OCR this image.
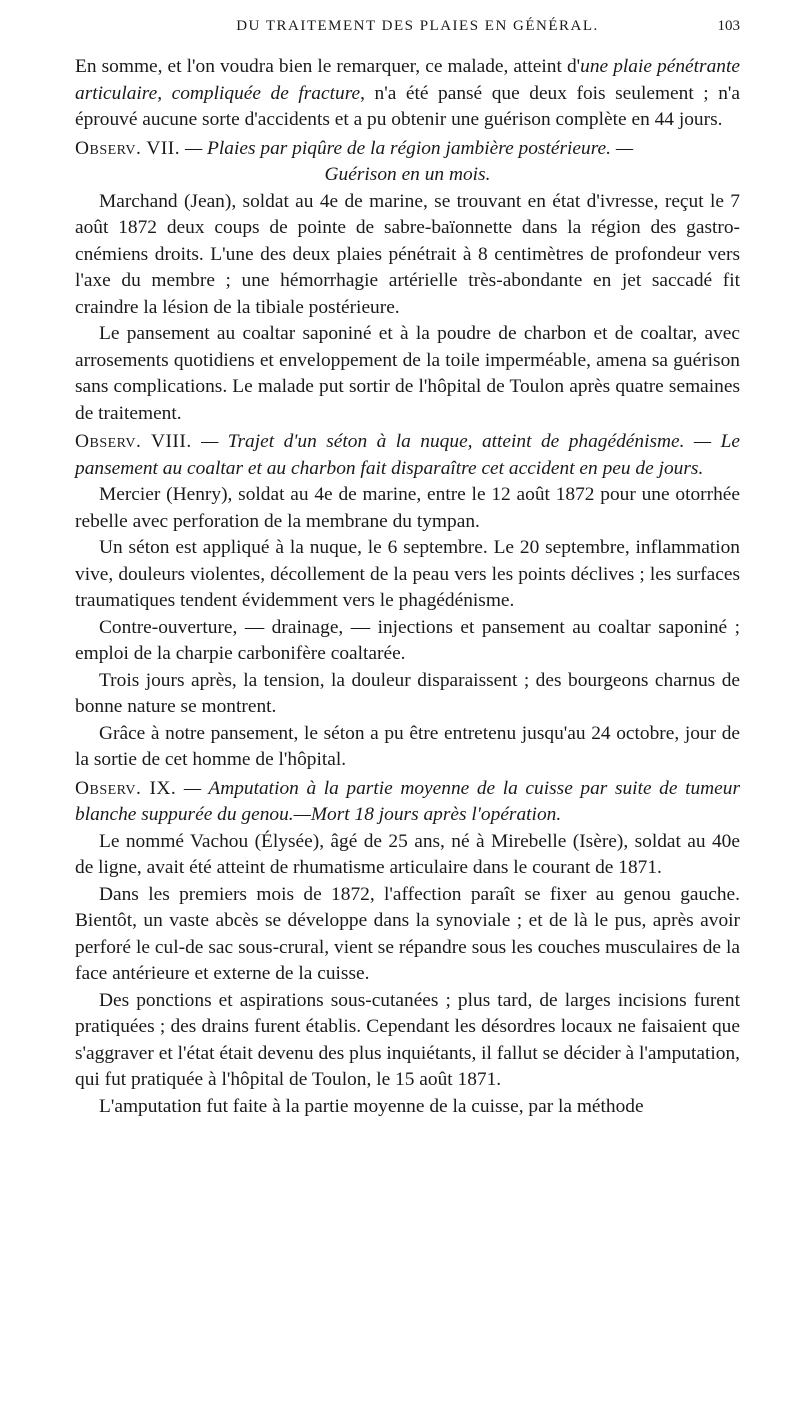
DU TRAITEMENT DES PLAIES EN GÉNÉRAL.	103

En somme, et l'on voudra bien le remarquer, ce malade, atteint d'une plaie pénétrante articulaire, compliquée de fracture, n'a été pansé que deux fois seulement ; n'a éprouvé aucune sorte d'accidents et a pu obtenir une guérison complète en 44 jours.

Observ. VII. — Plaies par piqûre de la région jambière postérieure. —
Guérison en un mois.

Marchand (Jean), soldat au 4e de marine, se trouvant en état d'ivresse, reçut le 7 août 1872 deux coups de pointe de sabre-baïonnette dans la région des gastro-cnémiens droits. L'une des deux plaies pénétrait à 8 centimètres de profondeur vers l'axe du membre ; une hémorrhagie artérielle très-abondante en jet saccadé fit craindre la lésion de la tibiale postérieure.

Le pansement au coaltar saponiné et à la poudre de charbon et de coaltar, avec arrosements quotidiens et enveloppement de la toile imperméable, amena sa guérison sans complications. Le malade put sortir de l'hôpital de Toulon après quatre semaines de traitement.

Observ. VIII. — Trajet d'un séton à la nuque, atteint de phagédénisme. — Le pansement au coaltar et au charbon fait disparaître cet accident en peu de jours.

Mercier (Henry), soldat au 4e de marine, entre le 12 août 1872 pour une otorrhée rebelle avec perforation de la membrane du tympan.

Un séton est appliqué à la nuque, le 6 septembre. Le 20 septembre, inflammation vive, douleurs violentes, décollement de la peau vers les points déclives ; les surfaces traumatiques tendent évidemment vers le phagédénisme.

Contre-ouverture, — drainage, — injections et pansement au coaltar saponiné ; emploi de la charpie carbonifère coaltarée.

Trois jours après, la tension, la douleur disparaissent ; des bourgeons charnus de bonne nature se montrent.

Grâce à notre pansement, le séton a pu être entretenu jusqu'au 24 octobre, jour de la sortie de cet homme de l'hôpital.

Observ. IX. — Amputation à la partie moyenne de la cuisse par suite de tumeur blanche suppurée du genou.—Mort 18 jours après l'opération.

Le nommé Vachou (Élysée), âgé de 25 ans, né à Mirebelle (Isère), soldat au 40e de ligne, avait été atteint de rhumatisme articulaire dans le courant de 1871.

Dans les premiers mois de 1872, l'affection paraît se fixer au genou gauche. Bientôt, un vaste abcès se développe dans la synoviale ; et de là le pus, après avoir perforé le cul-de sac sous-crural, vient se répandre sous les couches musculaires de la face antérieure et externe de la cuisse.

Des ponctions et aspirations sous-cutanées ; plus tard, de larges incisions furent pratiquées ; des drains furent établis. Cependant les désordres locaux ne faisaient que s'aggraver et l'état était devenu des plus inquiétants, il fallut se décider à l'amputation, qui fut pratiquée à l'hôpital de Toulon, le 15 août 1871.

L'amputation fut faite à la partie moyenne de la cuisse, par la méthode
